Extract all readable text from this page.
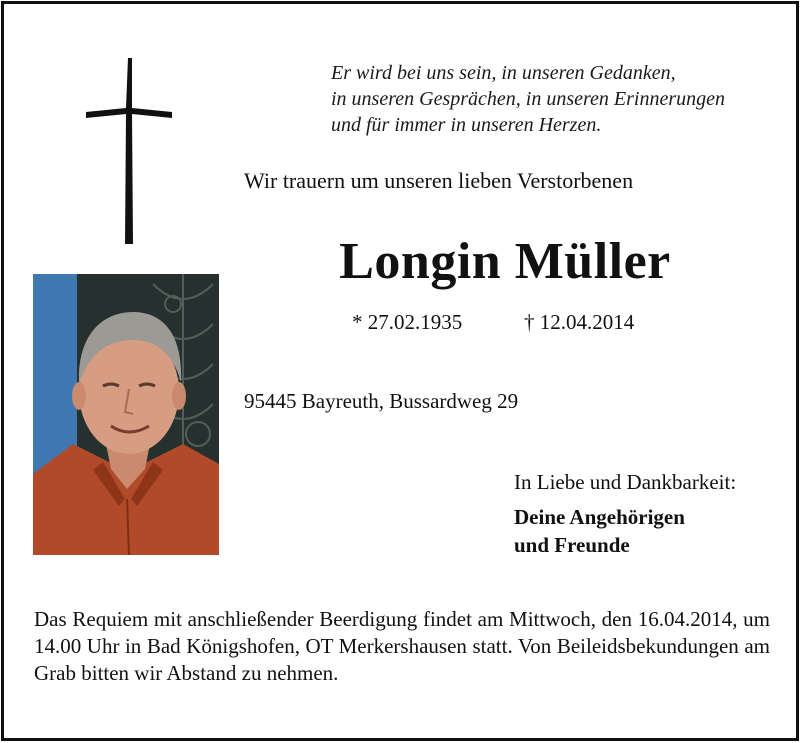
Er wird bei uns sein, in unseren Gedanken,
in unseren Gesprächen, in unseren Erinnerungen
und für immer in unseren Herzen.
Wir trauern um unseren lieben Verstorbenen
Longin Müller
* 27.02.1935	† 12.04.2014
95445 Bayreuth, Bussardweg 29
In Liebe und Dankbarkeit:
Deine Angehörigen
und Freunde
Das Requiem mit anschließender Beerdigung findet am Mittwoch, den 16.04.2014, um 14.00 Uhr in Bad Königshofen, OT Merkershausen statt. Von Beileidsbekundungen am Grab bitten wir Abstand zu nehmen.
